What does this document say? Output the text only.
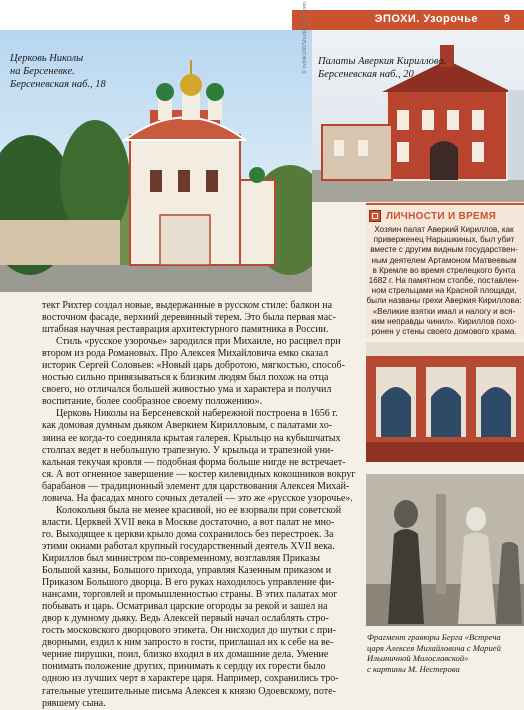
ЭПОХИ. Узорочье 9
Церковь Николы
на Берсеневке.
Берсеневская наб., 18
© rublik108/Shutterstock.com Палаты Аверкия Кириллова.
Берсеневская наб., 20
ЛИЧНОСТИ И ВРЕМЯ
Хозяин палат Аверкий Кириллов, как
приверженец Нарышкиных, был убит
вместе с другим видным государствен-
ным деятелем Артамоном Матвеевым
в Кремле во время стрелецкого бунта
1682 г. На памятном столбе, поставлен-
ном стрельцами на Красной площади,
были названы грехи Аверкия Кириллова:
«Великие взятки имал и налогу и вся-
ким неправды чинил». Кириллов похо-
ронен у стены своего домового храма.
Фрагмент гравюры Берга «Встреча
царя Алексея Михайловича с Марией
Ильиничной Милославской»
с картины М. Нестерова

тект Рихтер создал новые, выдержанные в русском стиле: балкон на
восточном фасаде, верхний деревянный терем. Это была первая мас-
штабная научная реставрация архитектурного памятника в России.

Стиль «русское узорочье» зародился при Михаиле, но расцвел при
втором из рода Романовых. Про Алексея Михайловича емко сказал
историк Сергей Соловьев: «Новый царь добротою, мягкостью, способ-
ностью сильно привязываться к близким людям был похож на отца
своего, но отличался большей живостью ума и характера и получил
воспитание, более сообразное своему положению».

Церковь Николы на Берсеневской набережной построена в 1656 г.
как домовая думным дьяком Аверкием Кирилловым, с палатами хо-
зяина ее когда-то соединяла крытая галерея. Крыльцо на кубышчатых
столпах ведет в небольшую трапезную. У крыльца и трапезной уни-
кальная текучая кровля — подобная форма больше нигде не встречает-
ся. А вот огненное завершение — костер килевидных кокошников вокруг
барабанов — традиционный элемент для царствования Алексея Михай-
ловича. На фасадах много сочных деталей — это же «русское узорочье».

Колокольня была не менее красивой, но ее взорвали при советской
власти. Церквей XVII века в Москве достаточно, а вот палат не мно-
го. Выходящее к церкви крыло дома сохранилось без перестроек. За
этими окнами работал крупный государственный деятель XVII века.
Кириллов был министром по-современному, возглавляя Приказы
Большой казны, Большого прихода, управляя Казенным приказом и
Приказом Большого дворца. В его руках находилось управление фи-
нансами, торговлей и промышленностью страны. В этих палатах мог
побывать и царь. Осматривал царские огороды за рекой и зашел на
двор к думному дьяку. Ведь Алексей первый начал ослаблять стро-
гость московского дворцового этикета. Он нисходил до шутки с при-
дворными, ездил к ним запросто в гости, приглашал их к себе на ве-
черние пирушки, поил, близко входил в их домашние дела. Умение
понимать положение других, принимать к сердцу их горести было
одною из лучших черт в характере царя. Например, сохранились тро-
гательные утешительные письма Алексея к князю Одоевскому, поте-
рявшему сына.
